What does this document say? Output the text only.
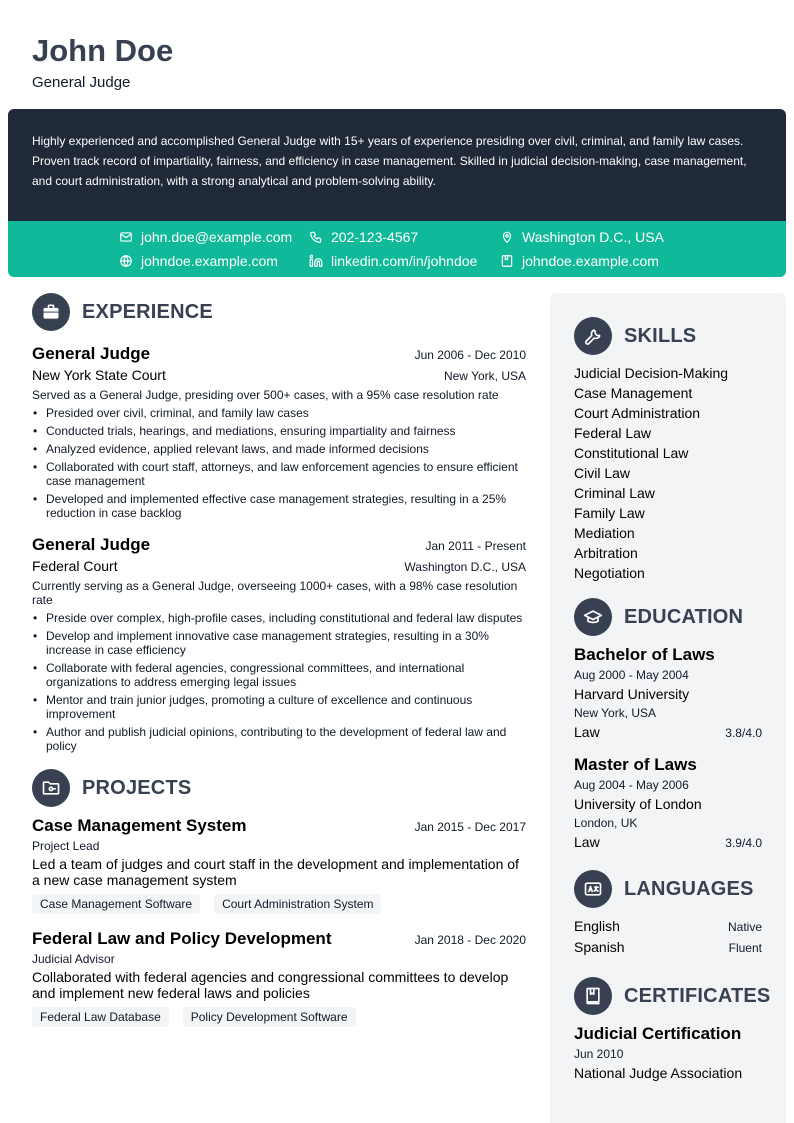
John Doe
General Judge

Highly experienced and accomplished General Judge with 15+ years of experience presiding over civil, criminal, and family law cases. Proven track record of impartiality, fairness, and efficiency in case management. Skilled in judicial decision-making, case management, and court administration, with a strong analytical and problem-solving ability.

john.doe@example.com	202-123-4567	Washington D.C., USA
johndoe.example.com	linkedin.com/in/johndoe	johndoe.example.com
EXPERIENCE
General Judge	Jun 2006 - Dec 2010
New York State Court	New York, USA
Served as a General Judge, presiding over 500+ cases, with a 95% case resolution rate
• Presided over civil, criminal, and family law cases
• Conducted trials, hearings, and mediations, ensuring impartiality and fairness
• Analyzed evidence, applied relevant laws, and made informed decisions
• Collaborated with court staff, attorneys, and law enforcement agencies to ensure efficient case management
• Developed and implemented effective case management strategies, resulting in a 25% reduction in case backlog
General Judge	Jan 2011 - Present
Federal Court	Washington D.C., USA
Currently serving as a General Judge, overseeing 1000+ cases, with a 98% case resolution rate
• Preside over complex, high-profile cases, including constitutional and federal law disputes
• Develop and implement innovative case management strategies, resulting in a 30% increase in case efficiency
• Collaborate with federal agencies, congressional committees, and international organizations to address emerging legal issues
• Mentor and train junior judges, promoting a culture of excellence and continuous improvement
• Author and publish judicial opinions, contributing to the development of federal law and policy
PROJECTS
Case Management System	Jan 2015 - Dec 2017
Project Lead
Led a team of judges and court staff in the development and implementation of a new case management system
Case Management Software	Court Administration System
Federal Law and Policy Development	Jan 2018 - Dec 2020
Judicial Advisor
Collaborated with federal agencies and congressional committees to develop and implement new federal laws and policies
Federal Law Database	Policy Development Software
SKILLS
Judicial Decision-Making
Case Management
Court Administration
Federal Law
Constitutional Law
Civil Law
Criminal Law
Family Law
Mediation
Arbitration
Negotiation
EDUCATION
Bachelor of Laws
Aug 2000 - May 2004
Harvard University
New York, USA
Law	3.8/4.0
Master of Laws
Aug 2004 - May 2006
University of London
London, UK
Law	3.9/4.0
LANGUAGES
English	Native
Spanish	Fluent
CERTIFICATES
Judicial Certification
Jun 2010
National Judge Association
